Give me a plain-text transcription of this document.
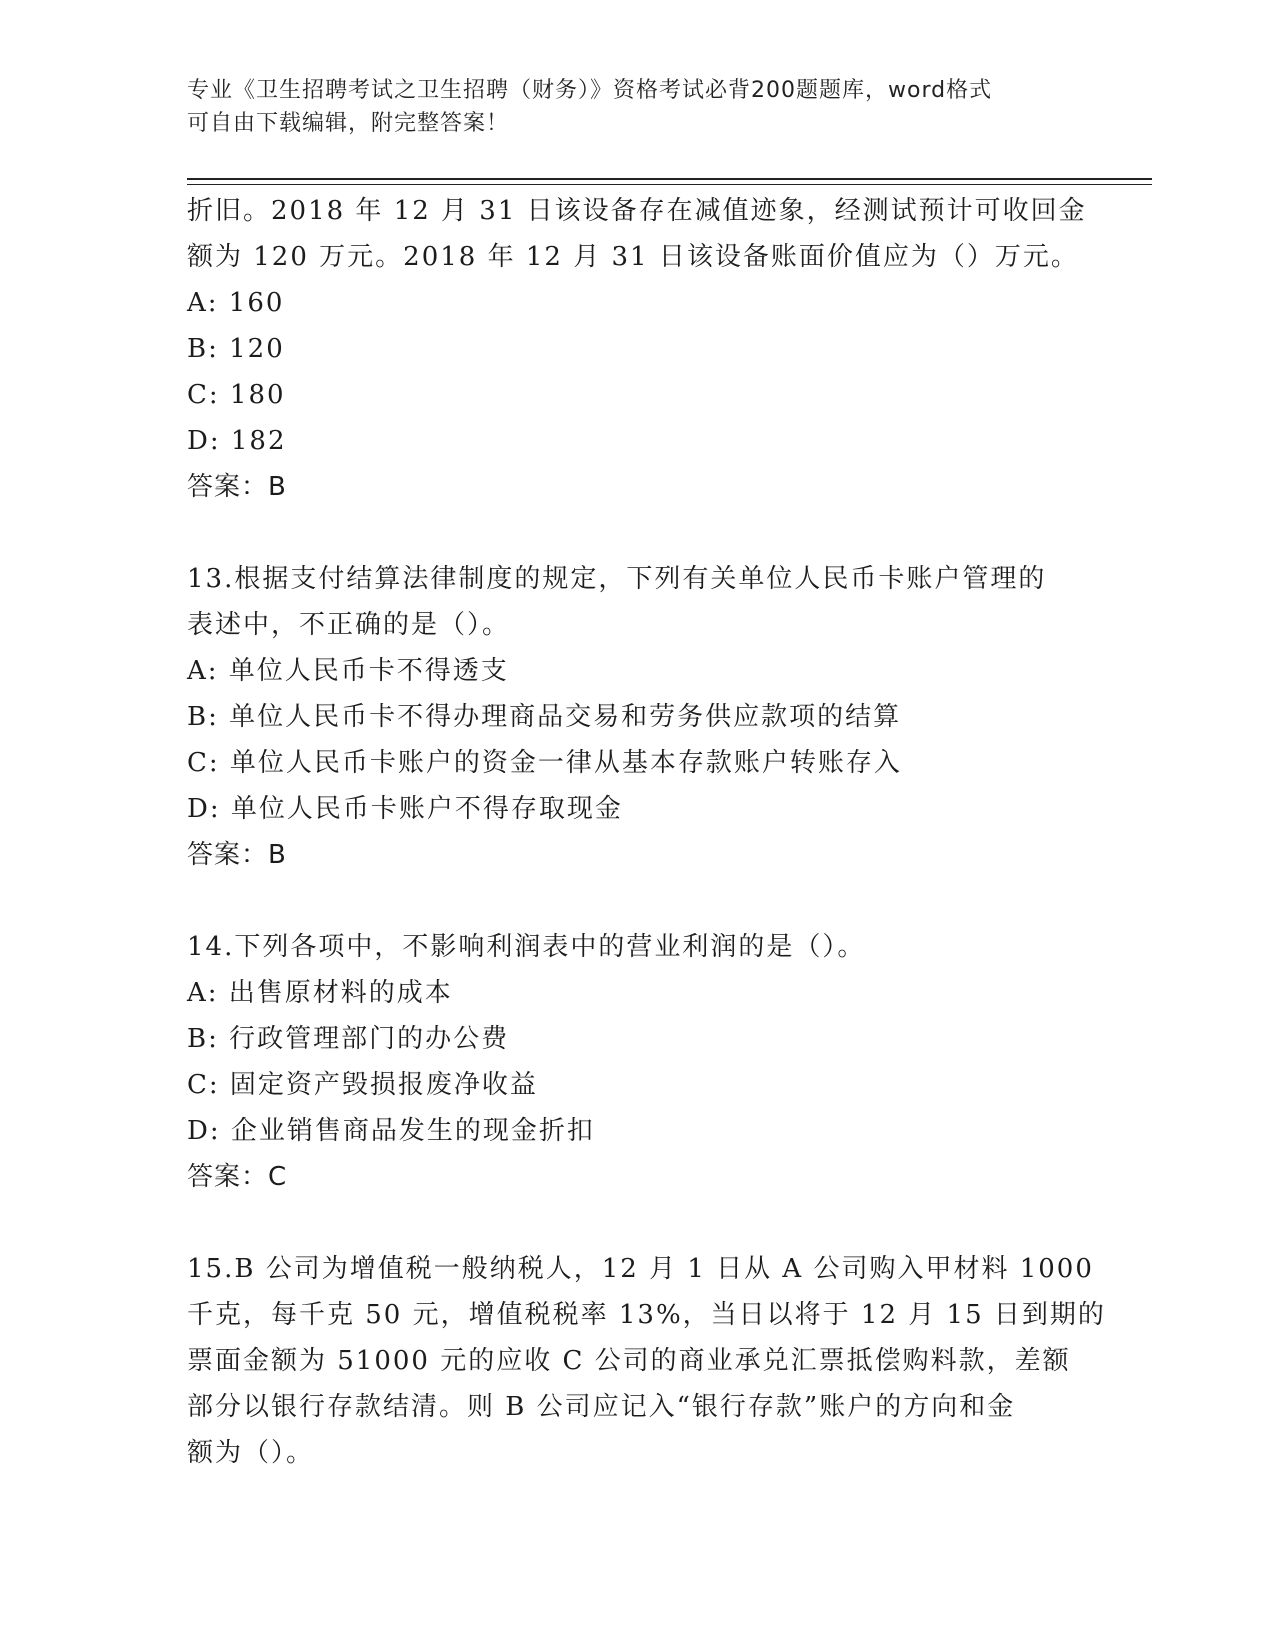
专业《卫生招聘考试之卫生招聘（财务）》资格考试必背200题题库，word格式
可自由下载编辑，附完整答案！
折旧。2018 年 12 月 31 日该设备存在减值迹象，经测试预计可收回金
额为 120 万元。2018 年 12 月 31 日该设备账面价值应为（）万元。
A: 160
B: 120
C: 180
D: 182
答案：B
13.根据支付结算法律制度的规定，下列有关单位人民币卡账户管理的
表述中，不正确的是（）。
A: 单位人民币卡不得透支
B: 单位人民币卡不得办理商品交易和劳务供应款项的结算
C: 单位人民币卡账户的资金一律从基本存款账户转账存入
D: 单位人民币卡账户不得存取现金
答案：B
14.下列各项中，不影响利润表中的营业利润的是（）。
A: 出售原材料的成本
B: 行政管理部门的办公费
C: 固定资产毁损报废净收益
D: 企业销售商品发生的现金折扣
答案：C
15.B 公司为增值税一般纳税人，12 月 1 日从 A 公司购入甲材料 1000
千克，每千克 50 元，增值税税率 13%，当日以将于 12 月 15 日到期的
票面金额为 51000 元的应收 C 公司的商业承兑汇票抵偿购料款，差额
部分以银行存款结清。则 B 公司应记入“银行存款”账户的方向和金
额为（）。
